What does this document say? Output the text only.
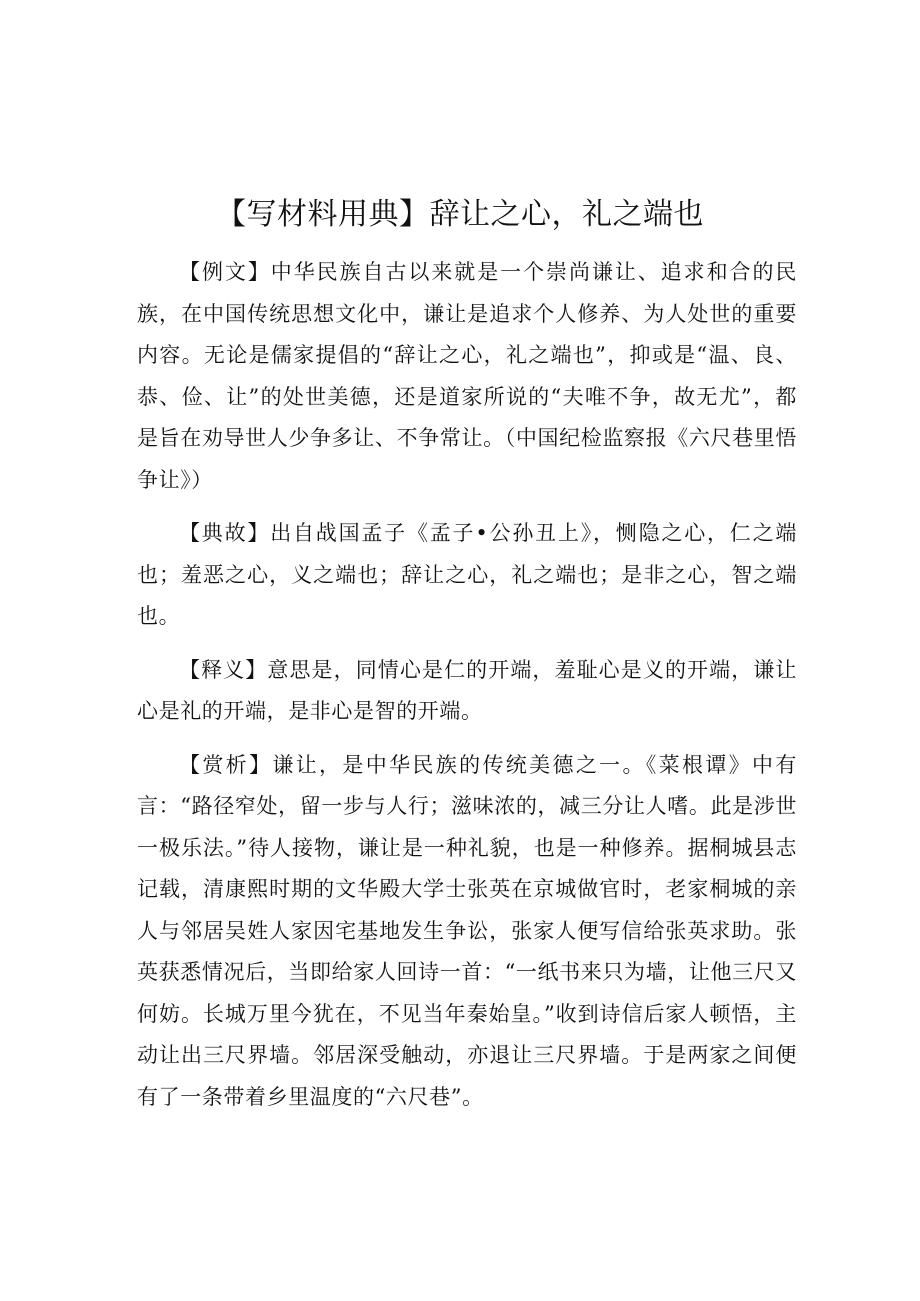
【写材料用典】辞让之心，礼之端也

【例文】中华民族自古以来就是一个崇尚谦让、追求和合的民族，在中国传统思想文化中，谦让是追求个人修养、为人处世的重要内容。无论是儒家提倡的“辞让之心，礼之端也”，抑或是“温、良、恭、俭、让”的处世美德，还是道家所说的“夫唯不争，故无尤”，都是旨在劝导世人少争多让、不争常让。（中国纪检监察报《六尺巷里悟争让》）

【典故】出自战国孟子《孟子•公孙丑上》，恻隐之心，仁之端也；羞恶之心，义之端也；辞让之心，礼之端也；是非之心，智之端也。

【释义】意思是，同情心是仁的开端，羞耻心是义的开端，谦让心是礼的开端，是非心是智的开端。

【赏析】谦让，是中华民族的传统美德之一。《菜根谭》中有言：“路径窄处，留一步与人行；滋味浓的，减三分让人嗜。此是涉世一极乐法。”待人接物，谦让是一种礼貌，也是一种修养。据桐城县志记载，清康熙时期的文华殿大学士张英在京城做官时，老家桐城的亲人与邻居吴姓人家因宅基地发生争讼，张家人便写信给张英求助。张英获悉情况后，当即给家人回诗一首：“一纸书来只为墙，让他三尺又何妨。长城万里今犹在，不见当年秦始皇。”收到诗信后家人顿悟，主动让出三尺界墙。邻居深受触动，亦退让三尺界墙。于是两家之间便有了一条带着乡里温度的“六尺巷”。
